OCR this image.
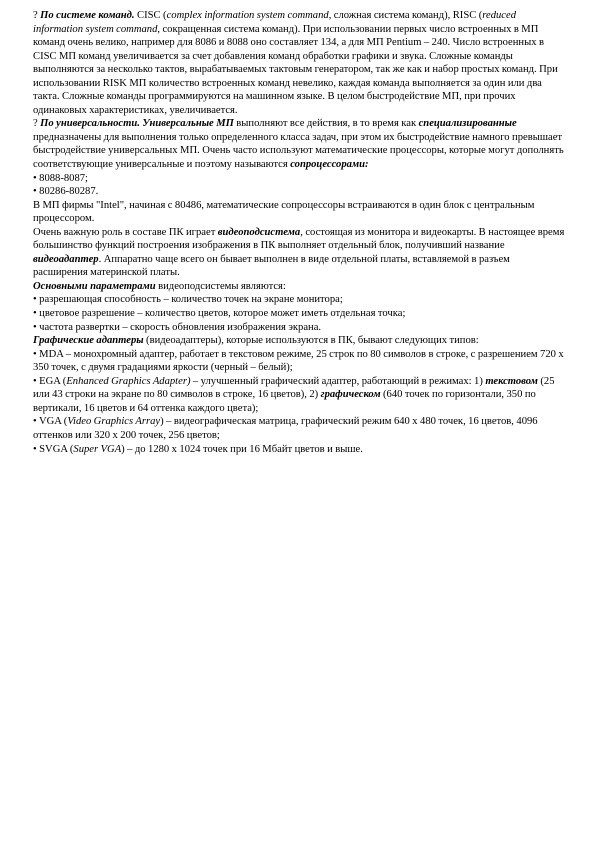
? По системе команд. CISC (complex information system command, сложная система команд), RISC (reduced information system command, сокращенная система команд). При использовании первых число встроенных в МП команд очень велико, например для 8086 и 8088 оно составляет 134, а для МП Pentium – 240. Число встроенных в CISC МП команд увеличивается за счет добавления команд обработки графики и звука. Сложные команды выполняются за несколько тактов, вырабатываемых тактовым генератором, так же как и набор простых команд. При использовании RISK МП количество встроенных команд невелико, каждая команда выполняется за один или два такта. Сложные команды программируются на машинном языке. В целом быстродействие МП, при прочих одинаковых характеристиках, увеличивается.

? По универсальности. Универсальные МП выполняют все действия, в то время как специализированные предназначены для выполнения только определенного класса задач, при этом их быстродействие намного превышает быстродействие универсальных МП. Очень часто используют математические процессоры, которые могут дополнять соответствующие универсальные и поэтому называются сопроцессорами:

• 8088-8087;

• 80286-80287.

В МП фирмы "Intel", начиная с 80486, математические сопроцессоры встраиваются в один блок с центральным процессором.

Очень важную роль в составе ПК играет видеоподсистема, состоящая из монитора и видеокарты. В настоящее время большинство функций построения изображения в ПК выполняет отдельный блок, получивший название видеоадаптер. Аппаратно чаще всего он бывает выполнен в виде отдельной платы, вставляемой в разъем расширения материнской платы.

Основными параметрами видеоподсистемы являются:

• разрешающая способность – количество точек на экране монитора;

• цветовое разрешение – количество цветов, которое может иметь отдельная точка;

• частота развертки – скорость обновления изображения экрана.

Графические адаптеры (видеоадаптеры), которые используются в ПК, бывают следующих типов:

• MDA – монохромный адаптер, работает в текстовом режиме, 25 строк по 80 символов в строке, с разрешением 720 х 350 точек, с двумя градациями яркости (черный – белый);

• EGA (Enhanced Graphics Adapter) – улучшенный графический адаптер, работающий в режимах: 1) текстовом (25 или 43 строки на экране по 80 символов в строке, 16 цветов), 2) графическом (640 точек по горизонтали, 350 по вертикали, 16 цветов и 64 оттенка каждого цвета);

• VGA (Video Graphics Array) – видеографическая матрица, графический режим 640 х 480 точек, 16 цветов, 4096 оттенков или 320 х 200 точек, 256 цветов;

• SVGA (Super VGA) – до 1280 х 1024 точек при 16 Мбайт цветов и выше.
